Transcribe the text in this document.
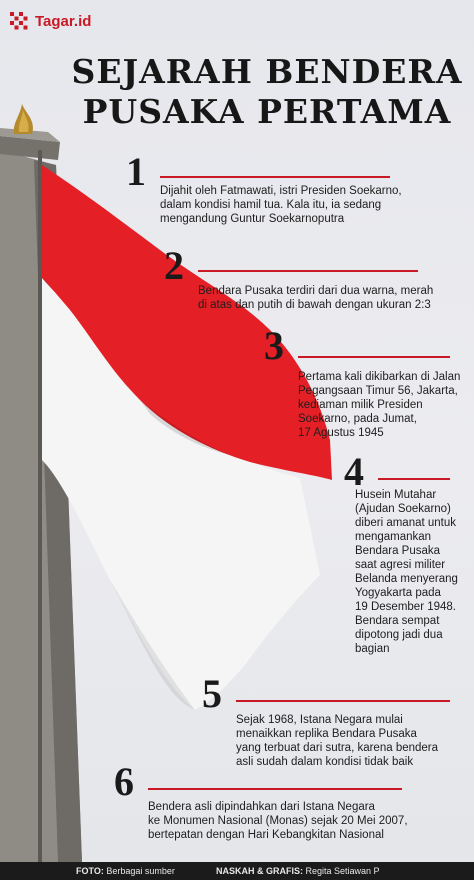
Tagar.id
SEJARAH BENDERA
PUSAKA PERTAMA
1 Dijahit oleh Fatmawati, istri Presiden Soekarno,
dalam kondisi hamil tua. Kala itu, ia sedang
mengandung Guntur Soekarnoputra
2
Bendara Pusaka terdiri dari dua warna, merah
di atas dan putih di bawah dengan ukuran 2:3
3
Pertama kali dikibarkan di Jalan
Pegangsaan Timur 56, Jakarta,
kediaman milik Presiden
Soekarno, pada Jumat,
17 Agustus 1945
4
Husein Mutahar
(Ajudan Soekarno)
diberi amanat untuk
mengamankan
Bendara Pusaka
saat agresi militer
Belanda menyerang
Yogyakarta pada
19 Desember 1948.
Bendara sempat
dipotong jadi dua
bagian
5
Sejak 1968, Istana Negara mulai
menaikkan replika Bendara Pusaka
yang terbuat dari sutra, karena bendera
asli sudah dalam kondisi tidak baik
6
Bendera asli dipindahkan dari Istana Negara
ke Monumen Nasional (Monas) sejak 20 Mei 2007,
bertepatan dengan Hari Kebangkitan Nasional
FOTO: Berbagai sumber	NASKAH & GRAFIS: Regita Setiawan P
